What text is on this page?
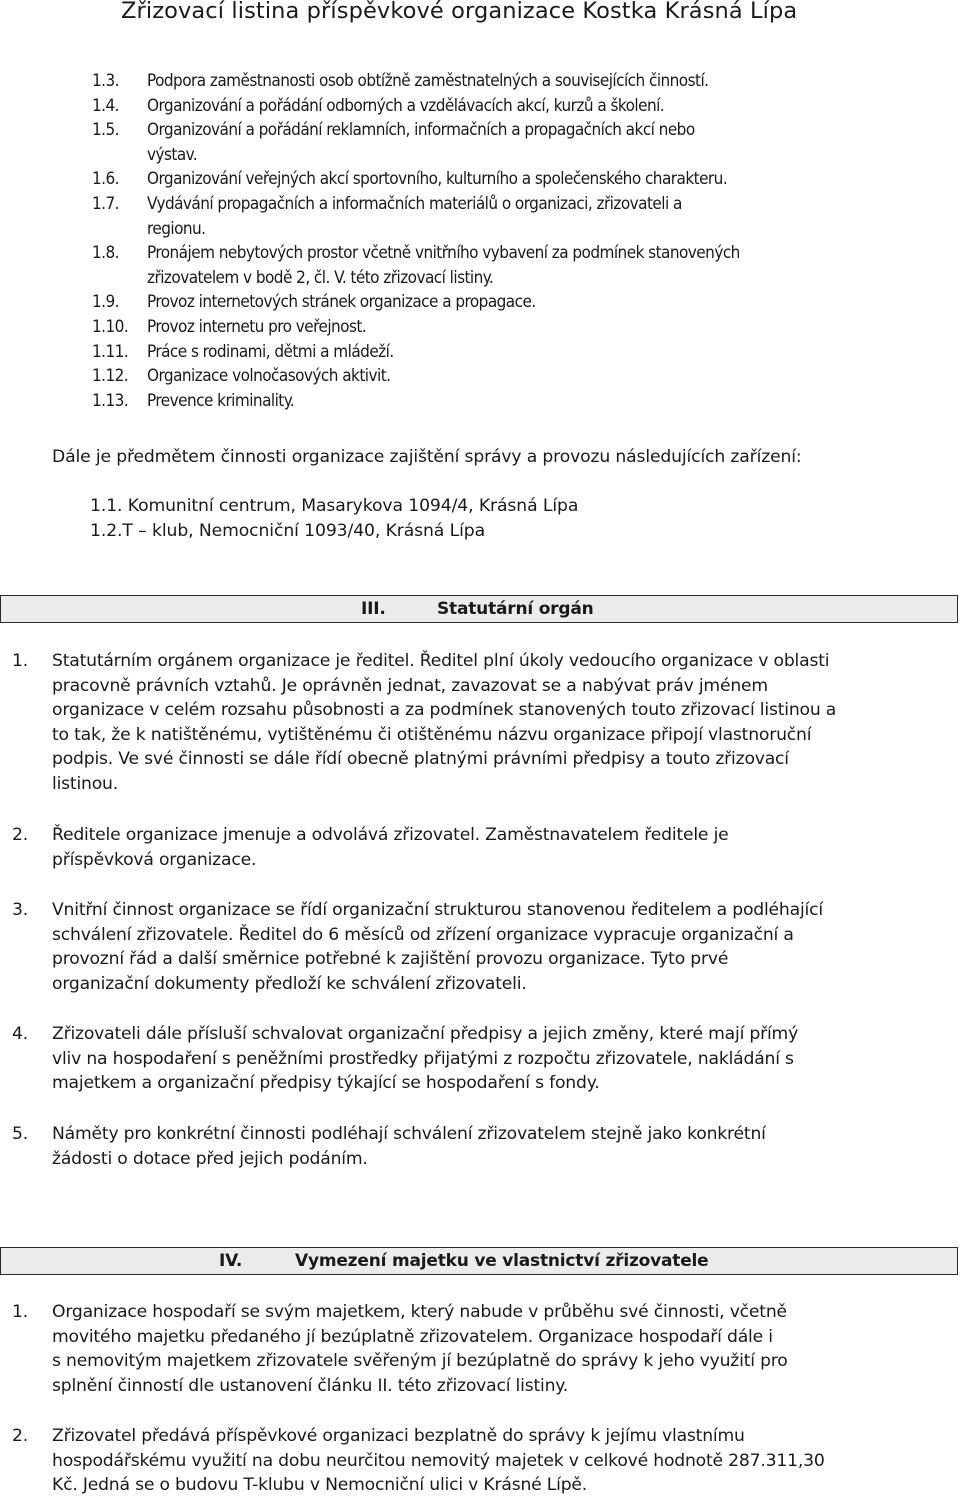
Zřizovací listina příspěvkové organizace Kostka Krásná Lípa
1.3.	Podpora zaměstnanosti osob obtížně zaměstnatelných a souvisejících činností.
1.4.	Organizování a pořádání odborných a vzdělávacích akcí, kurzů a školení.
1.5.	Organizování a pořádání reklamních, informačních a propagačních akcí nebo
výstav.
1.6.	Organizování veřejných akcí sportovního, kulturního a společenského charakteru.
1.7.	Vydávání propagačních a informačních materiálů o organizaci, zřizovateli a
regionu.
1.8.	Pronájem nebytových prostor včetně vnitřního vybavení za podmínek stanovených
zřizovatelem v bodě 2, čl. V. této zřizovací listiny.
1.9.	Provoz internetových stránek organizace a propagace.
1.10.	Provoz internetu pro veřejnost.
1.11.	Práce s rodinami, dětmi a mládeží.
1.12.	Organizace volnočasových aktivit.
1.13.	Prevence kriminality.
Dále je předmětem činnosti organizace zajištění správy a provozu následujících zařízení:
1.1. Komunitní centrum, Masarykova 1094/4, Krásná Lípa
1.2.T – klub, Nemocniční 1093/40, Krásná Lípa
III.	Statutární orgán
1.	Statutárním orgánem organizace je ředitel. Ředitel plní úkoly vedoucího organizace v oblasti
pracovně právních vztahů. Je oprávněn jednat, zavazovat se a nabývat práv jménem
organizace v celém rozsahu působnosti a za podmínek stanovených touto zřizovací listinou a
to tak, že k natištěnému, vytištěnému či otištěnému názvu organizace připojí vlastnoruční
podpis. Ve své činnosti se dále řídí obecně platnými právními předpisy a touto zřizovací
listinou.
2.	Ředitele organizace jmenuje a odvolává zřizovatel. Zaměstnavatelem ředitele je
příspěvková organizace.
3.	Vnitřní činnost organizace se řídí organizační strukturou stanovenou ředitelem a podléhající
schválení zřizovatele. Ředitel do 6 měsíců od zřízení organizace vypracuje organizační a
provozní řád a další směrnice potřebné k zajištění provozu organizace. Tyto prvé
organizační dokumenty předloží ke schválení zřizovateli.
4.	Zřizovateli dále přísluší schvalovat organizační předpisy a jejich změny, které mají přímý
vliv na hospodaření s peněžními prostředky přijatými z rozpočtu zřizovatele, nakládání s
majetkem a organizační předpisy týkající se hospodaření s fondy.
5.	Náměty pro konkrétní činnosti podléhají schválení zřizovatelem stejně jako konkrétní
žádosti o dotace před jejich podáním.
IV.	Vymezení majetku ve vlastnictví zřizovatele
1.	Organizace hospodaří se svým majetkem, který nabude v průběhu své činnosti, včetně
movitého majetku předaného jí bezúplatně zřizovatelem. Organizace hospodaří dále i
s nemovitým majetkem zřizovatele svěřeným jí bezúplatně do správy k jeho využití pro
splnění činností dle ustanovení článku II. této zřizovací listiny.
2.	Zřizovatel předává příspěvkové organizaci bezplatně do správy k jejímu vlastnímu
hospodářskému využití na dobu neurčitou nemovitý majetek v celkové hodnotě 287.311,30
Kč. Jedná se o budovu T-klubu v Nemocniční ulici v Krásné Lípě.
